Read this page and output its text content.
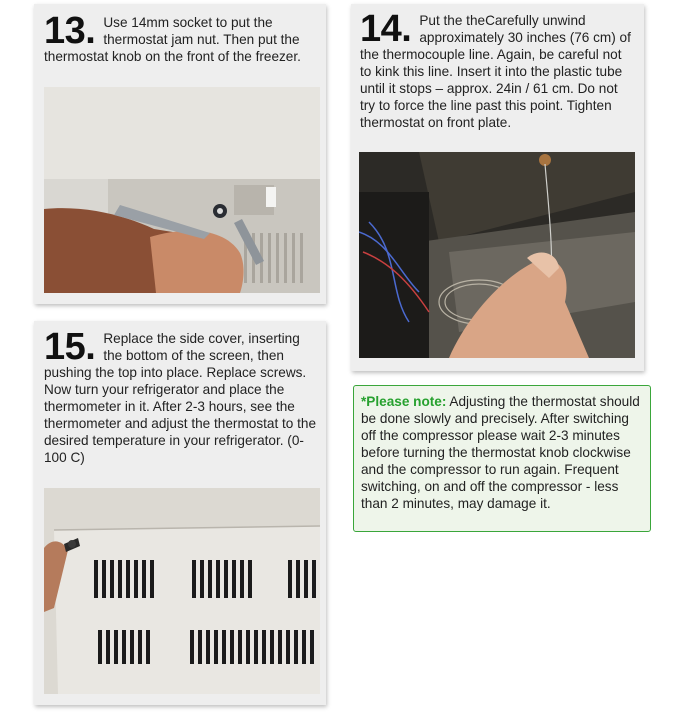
13. Use 14mm socket to put the thermostat jam nut. Then put the thermostat knob on the front of the freezer.
14. Put the theCarefully unwind approximately 30 inches (76 cm) of the thermocouple line. Again, be careful not to kink this line. Insert it into the plastic tube until it stops – approx. 24in / 61 cm. Do not try to force the line past this point. Tighten thermostat on front plate.
15. Replace the side cover, inserting the bottom of the screen, then pushing the top into place. Replace screws. Now turn your refrigerator and place the thermometer in it. After 2-3 hours, see the thermometer and adjust the thermostat to the desired temperature in your refrigerator. (0-100 C)
*Please note: Adjusting the thermostat should be done slowly and precisely. After switching off the compressor please wait 2-3 minutes before turning the thermostat knob clockwise and the compressor to run again. Frequent switching, on and off the compressor - less than 2 minutes, may damage it.
